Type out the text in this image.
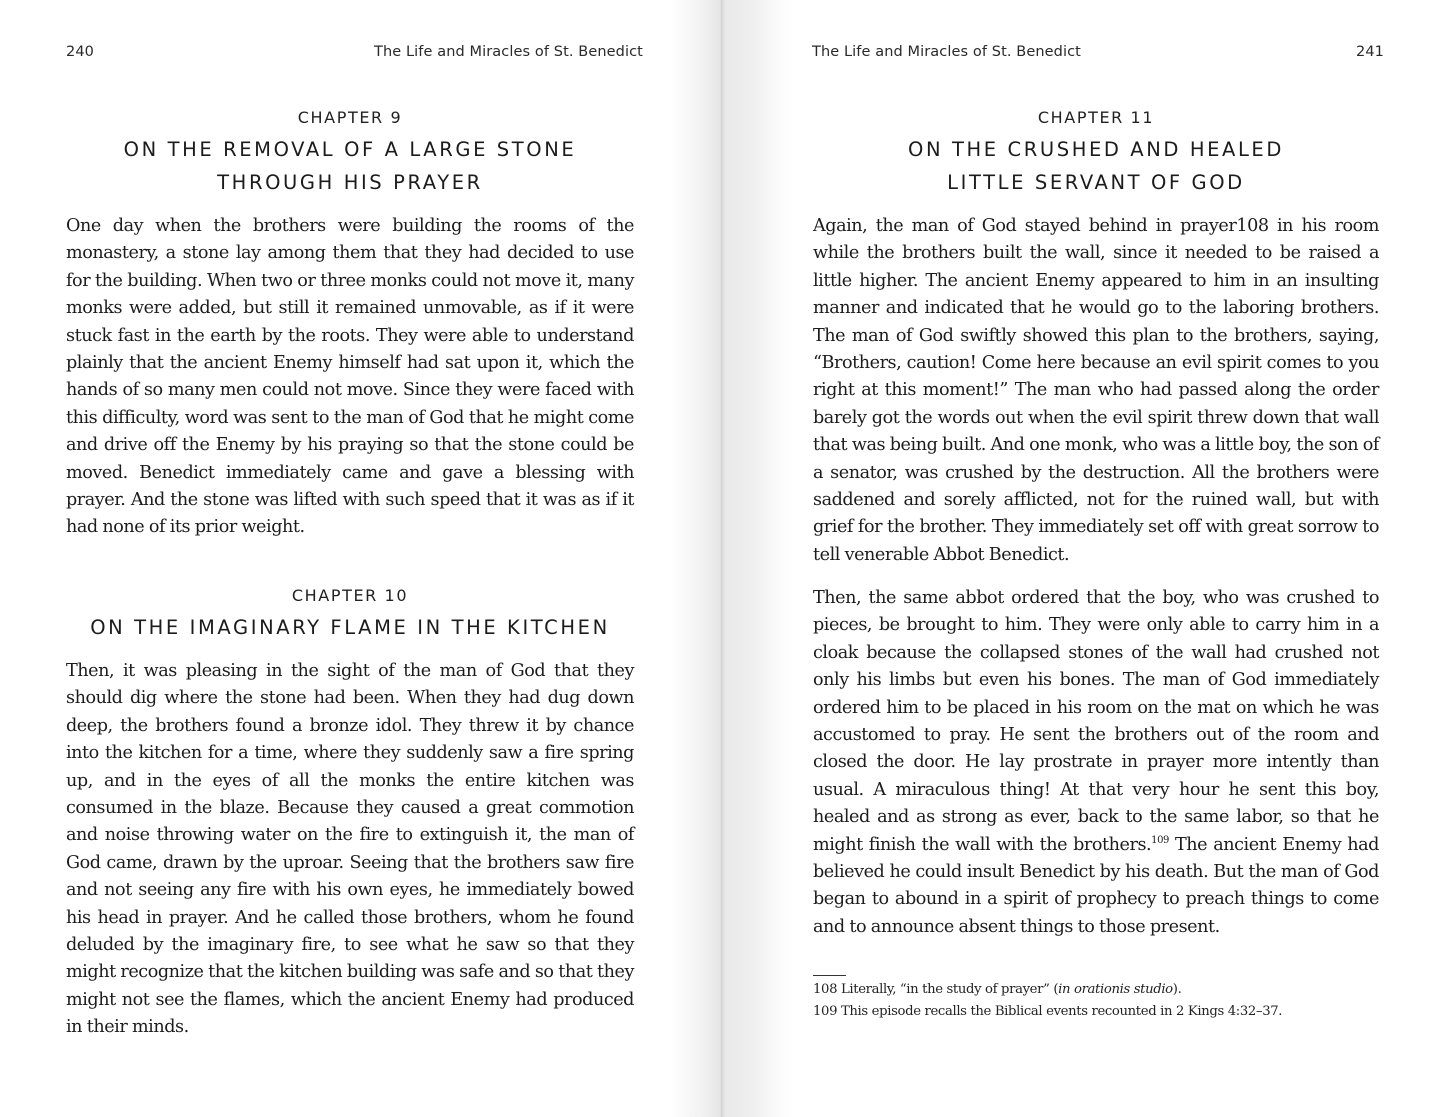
240	The Life and Miracles of St. Benedict
CHAPTER 9
ON THE REMOVAL OF A LARGE STONE
THROUGH HIS PRAYER

One day when the brothers were building the rooms of the monastery, a stone lay among them that they had decided to use for the building. When two or three monks could not move it, many monks were added, but still it remained unmovable, as if it were stuck fast in the earth by the roots. They were able to understand plainly that the ancient Enemy himself had sat upon it, which the hands of so many men could not move. Since they were faced with this difficulty, word was sent to the man of God that he might come and drive off the Enemy by his praying so that the stone could be moved. Benedict immediately came and gave a blessing with prayer. And the stone was lifted with such speed that it was as if it had none of its prior weight.

CHAPTER 10
ON THE IMAGINARY FLAME IN THE KITCHEN

Then, it was pleasing in the sight of the man of God that they should dig where the stone had been. When they had dug down deep, the brothers found a bronze idol. They threw it by chance into the kitchen for a time, where they suddenly saw a fire spring up, and in the eyes of all the monks the entire kitchen was consumed in the blaze. Because they caused a great commotion and noise throwing water on the fire to extinguish it, the man of God came, drawn by the uproar. Seeing that the brothers saw fire and not seeing any fire with his own eyes, he immediately bowed his head in prayer. And he called those brothers, whom he found deluded by the imaginary fire, to see what he saw so that they might recognize that the kitchen building was safe and so that they might not see the flames, which the ancient Enemy had produced in their minds.

The Life and Miracles of St. Benedict	241
CHAPTER 11
ON THE CRUSHED AND HEALED
LITTLE SERVANT OF GOD

Again, the man of God stayed behind in prayer108 in his room while the brothers built the wall, since it needed to be raised a little higher. The ancient Enemy appeared to him in an insulting manner and indicated that he would go to the laboring brothers. The man of God swiftly showed this plan to the brothers, saying, “Brothers, caution! Come here because an evil spirit comes to you right at this moment!” The man who had passed along the order barely got the words out when the evil spirit threw down that wall that was being built. And one monk, who was a little boy, the son of a senator, was crushed by the destruction. All the brothers were saddened and sorely afflicted, not for the ruined wall, but with grief for the brother. They immediately set off with great sorrow to tell venerable Abbot Benedict.

Then, the same abbot ordered that the boy, who was crushed to pieces, be brought to him. They were only able to carry him in a cloak because the collapsed stones of the wall had crushed not only his limbs but even his bones. The man of God immediately ordered him to be placed in his room on the mat on which he was accustomed to pray. He sent the brothers out of the room and closed the door. He lay prostrate in prayer more intently than usual. A miraculous thing! At that very hour he sent this boy, healed and as strong as ever, back to the same labor, so that he might finish the wall with the brothers.$^{109}$ The ancient Enemy had believed he could insult Benedict by his death. But the man of God began to abound in a spirit of prophecy to preach things to come and to announce absent things to those present.

108 Literally, “in the study of prayer” (in orationis studio).
109 This episode recalls the Biblical events recounted in 2 Kings 4:32–37.
